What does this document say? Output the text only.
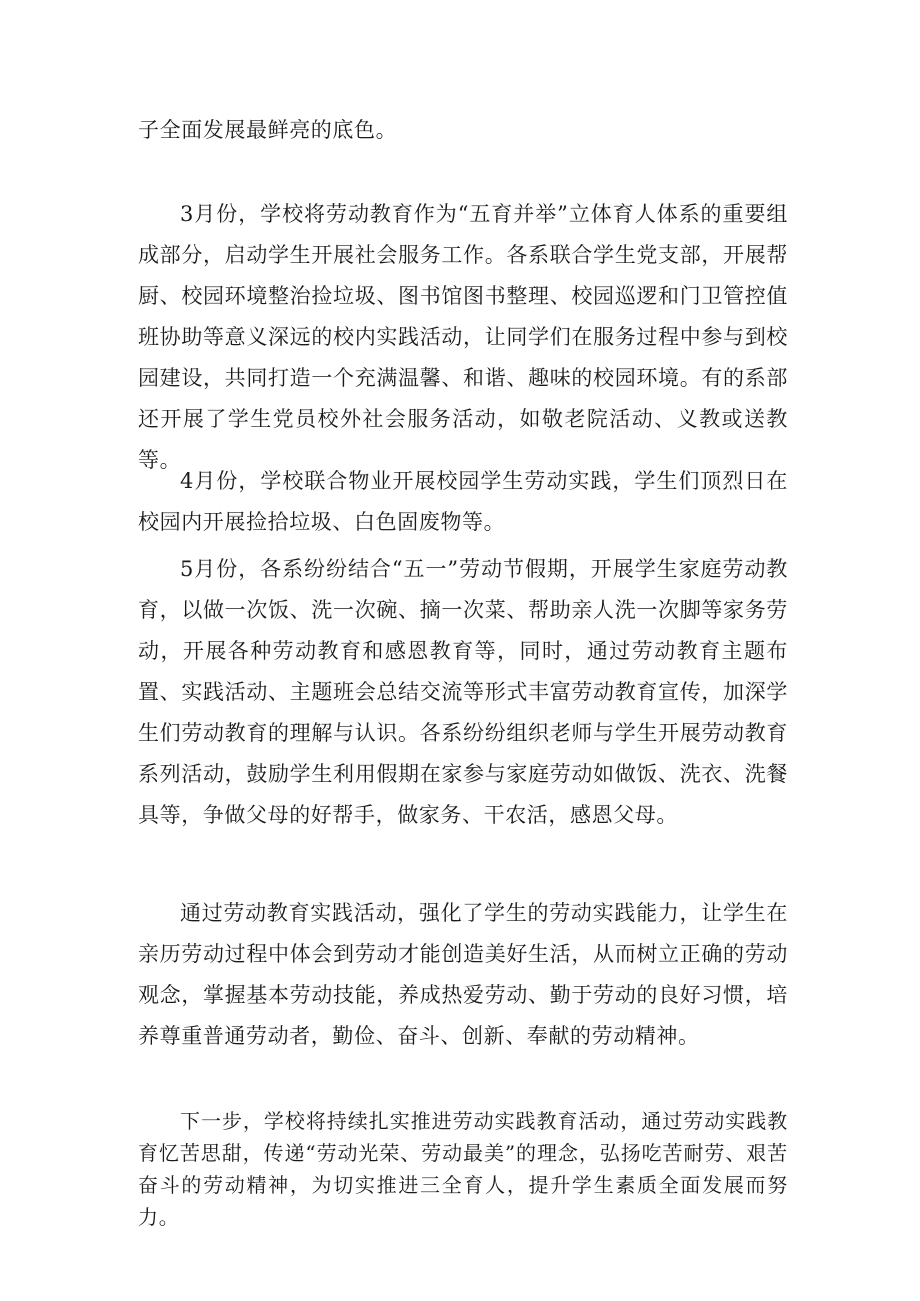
子全面发展最鲜亮的底色。

3月份，学校将劳动教育作为“五育并举”立体育人体系的重要组成部分，启动学生开展社会服务工作。各系联合学生党支部，开展帮厨、校园环境整治捡垃圾、图书馆图书整理、校园巡逻和门卫管控值班协助等意义深远的校内实践活动，让同学们在服务过程中参与到校园建设，共同打造一个充满温馨、和谐、趣味的校园环境。有的系部还开展了学生党员校外社会服务活动，如敬老院活动、义教或送教等。

4月份，学校联合物业开展校园学生劳动实践，学生们顶烈日在校园内开展捡拾垃圾、白色固废物等。

5月份，各系纷纷结合“五一”劳动节假期，开展学生家庭劳动教育，以做一次饭、洗一次碗、摘一次菜、帮助亲人洗一次脚等家务劳动，开展各种劳动教育和感恩教育等，同时，通过劳动教育主题布置、实践活动、主题班会总结交流等形式丰富劳动教育宣传，加深学生们劳动教育的理解与认识。各系纷纷组织老师与学生开展劳动教育系列活动，鼓励学生利用假期在家参与家庭劳动如做饭、洗衣、洗餐具等，争做父母的好帮手，做家务、干农活，感恩父母。

通过劳动教育实践活动，强化了学生的劳动实践能力，让学生在亲历劳动过程中体会到劳动才能创造美好生活，从而树立正确的劳动观念，掌握基本劳动技能，养成热爱劳动、勤于劳动的良好习惯，培养尊重普通劳动者，勤俭、奋斗、创新、奉献的劳动精神。

下一步，学校将持续扎实推进劳动实践教育活动，通过劳动实践教育忆苦思甜，传递“劳动光荣、劳动最美”的理念，弘扬吃苦耐劳、艰苦奋斗的劳动精神，为切实推进三全育人，提升学生素质全面发展而努力。
